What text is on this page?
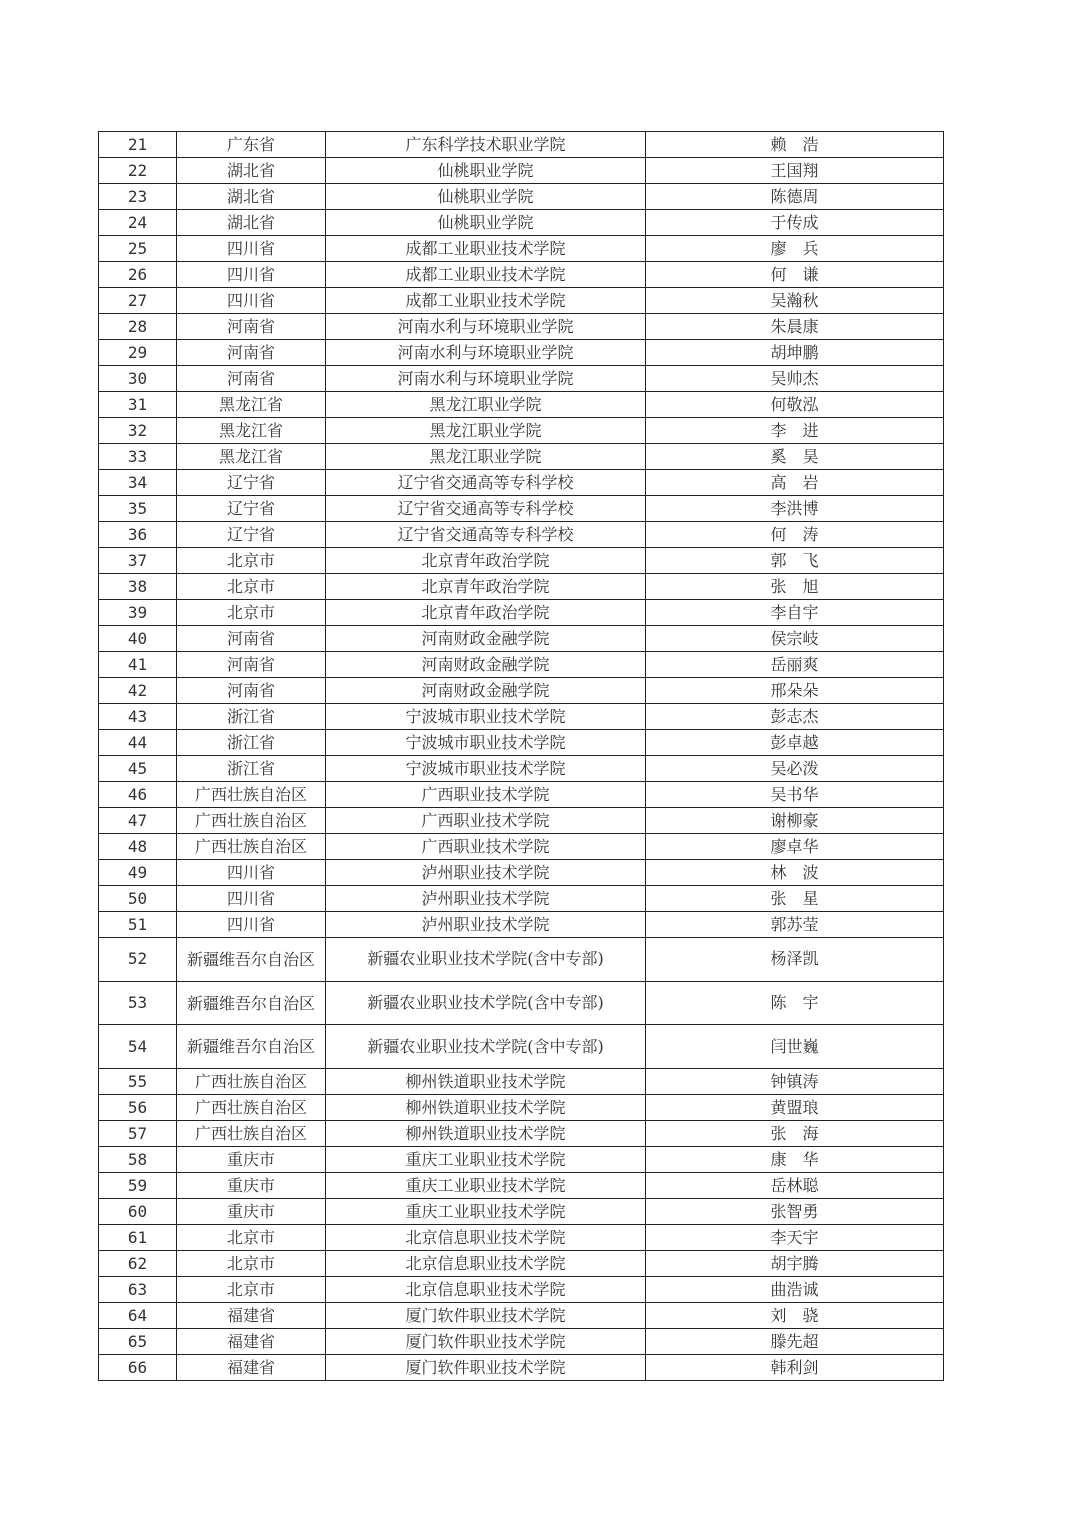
21	广东省	广东科学技术职业学院	赖　浩
22	湖北省	仙桃职业学院	王国翔
23	湖北省	仙桃职业学院	陈德周
24	湖北省	仙桃职业学院	于传成
25	四川省	成都工业职业技术学院	廖　兵
26	四川省	成都工业职业技术学院	何　谦
27	四川省	成都工业职业技术学院	吴瀚秋
28	河南省	河南水利与环境职业学院	朱晨康
29	河南省	河南水利与环境职业学院	胡坤鹏
30	河南省	河南水利与环境职业学院	吴帅杰
31	黑龙江省	黑龙江职业学院	何敬泓
32	黑龙江省	黑龙江职业学院	李　进
33	黑龙江省	黑龙江职业学院	奚　昊
34	辽宁省	辽宁省交通高等专科学校	高　岩
35	辽宁省	辽宁省交通高等专科学校	李洪博
36	辽宁省	辽宁省交通高等专科学校	何　涛
37	北京市	北京青年政治学院	郭　飞
38	北京市	北京青年政治学院	张　旭
39	北京市	北京青年政治学院	李自宇
40	河南省	河南财政金融学院	侯宗岐
41	河南省	河南财政金融学院	岳丽爽
42	河南省	河南财政金融学院	邢朵朵
43	浙江省	宁波城市职业技术学院	彭志杰
44	浙江省	宁波城市职业技术学院	彭卓越
45	浙江省	宁波城市职业技术学院	吴必泼
46	广西壮族自治区	广西职业技术学院	吴书华
47	广西壮族自治区	广西职业技术学院	谢柳豪
48	广西壮族自治区	广西职业技术学院	廖卓华
49	四川省	泸州职业技术学院	林　波
50	四川省	泸州职业技术学院	张　星
51	四川省	泸州职业技术学院	郭苏莹
52	新疆维吾尔自治区	新疆农业职业技术学院(含中专部)	杨泽凯
53	新疆维吾尔自治区	新疆农业职业技术学院(含中专部)	陈　宇
54	新疆维吾尔自治区	新疆农业职业技术学院(含中专部)	闫世巍
55	广西壮族自治区	柳州铁道职业技术学院	钟镇涛
56	广西壮族自治区	柳州铁道职业技术学院	黄盟琅
57	广西壮族自治区	柳州铁道职业技术学院	张　海
58	重庆市	重庆工业职业技术学院	康　华
59	重庆市	重庆工业职业技术学院	岳林聪
60	重庆市	重庆工业职业技术学院	张智勇
61	北京市	北京信息职业技术学院	李天宇
62	北京市	北京信息职业技术学院	胡宇腾
63	北京市	北京信息职业技术学院	曲浩诚
64	福建省	厦门软件职业技术学院	刘　骁
65	福建省	厦门软件职业技术学院	滕先超
66	福建省	厦门软件职业技术学院	韩利剑
